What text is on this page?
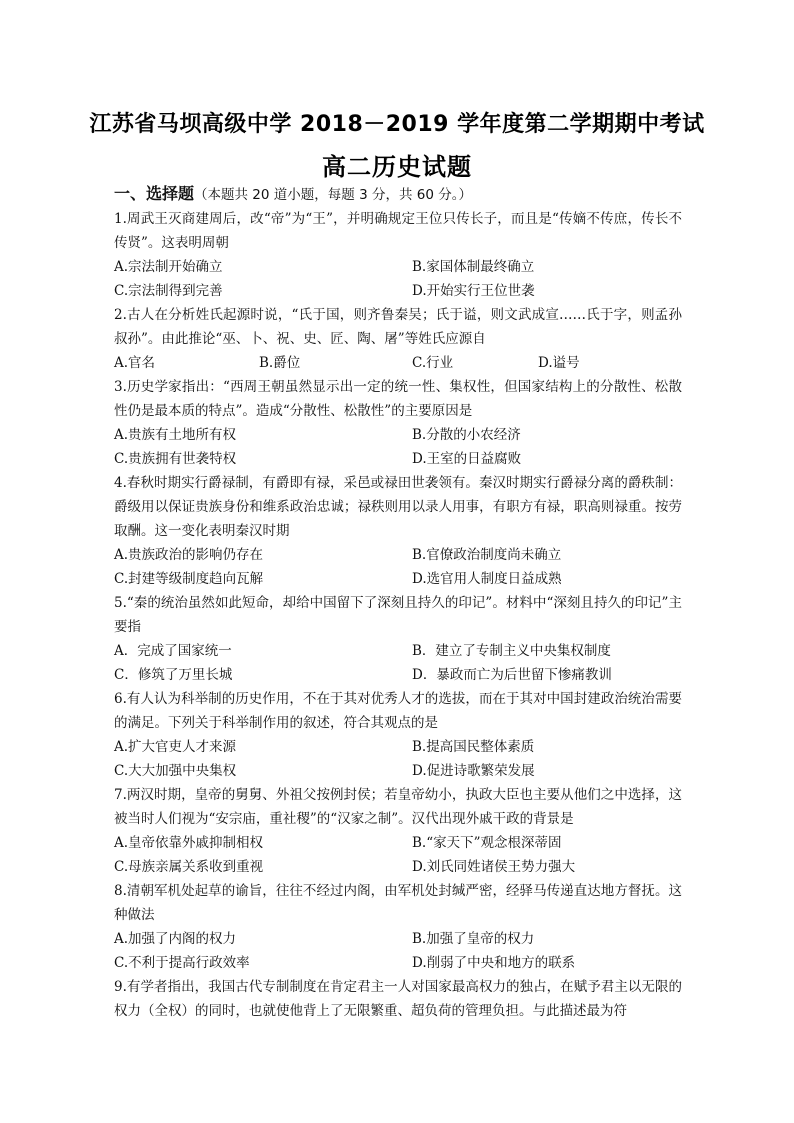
江苏省马坝高级中学 2018－2019 学年度第二学期期中考试
高二历史试题
一、选择题（本题共 20 道小题，每题 3 分，共 60 分。）

1.周武王灭商建周后，改“帝”为“王”，并明确规定王位只传长子，而且是“传嫡不传庶，传长不传贤”。这表明周朝

A.宗法制开始确立	B.家国体制最终确立
C.宗法制得到完善	D.开始实行王位世袭

2.古人在分析姓氏起源时说，“氏于国，则齐鲁秦吴；氏于谥，则文武成宣……氏于字，则孟孙叔孙”。由此推论“巫、卜、祝、史、匠、陶、屠”等姓氏应源自

A.官名	B.爵位	C.行业	D.谥号

3.历史学家指出：“西周王朝虽然显示出一定的统一性、集权性，但国家结构上的分散性、松散性仍是最本质的特点”。造成“分散性、松散性”的主要原因是

A.贵族有土地所有权	B.分散的小农经济
C.贵族拥有世袭特权	D.王室的日益腐败

4.春秋时期实行爵禄制，有爵即有禄，采邑或禄田世袭领有。秦汉时期实行爵禄分离的爵秩制：爵级用以保证贵族身份和维系政治忠诚；禄秩则用以录人用事，有职方有禄，职高则禄重。按劳取酬。这一变化表明秦汉时期

A.贵族政治的影响仍存在	B.官僚政治制度尚未确立
C.封建等级制度趋向瓦解	D.选官用人制度日益成熟

5.“秦的统治虽然如此短命，却给中国留下了深刻且持久的印记”。材料中“深刻且持久的印记”主要指

A．完成了国家统一	B．建立了专制主义中央集权制度
C．修筑了万里长城	D．暴政而亡为后世留下惨痛教训

6.有人认为科举制的历史作用，不在于其对优秀人才的选拔，而在于其对中国封建政治统治需要的满足。下列关于科举制作用的叙述，符合其观点的是

A.扩大官吏人才来源	B.提高国民整体素质
C.大大加强中央集权	D.促进诗歌繁荣发展

7.两汉时期，皇帝的舅舅、外祖父按例封侯；若皇帝幼小，执政大臣也主要从他们之中选择，这被当时人们视为“安宗庙，重社稷”的“汉家之制”。汉代出现外戚干政的背景是

A.皇帝依靠外戚抑制相权	B.“家天下”观念根深蒂固
C.母族亲属关系收到重视	D.刘氏同姓诸侯王势力强大

8.清朝军机处起草的谕旨，往往不经过内阁，由军机处封缄严密，经驿马传递直达地方督抚。这种做法

A.加强了内阁的权力	B.加强了皇帝的权力
C.不利于提高行政效率	D.削弱了中央和地方的联系

9.有学者指出，我国古代专制制度在肯定君主一人对国家最高权力的独占，在赋予君主以无限的权力（全权）的同时，也就使他背上了无限繁重、超负荷的管理负担。与此描述最为符
